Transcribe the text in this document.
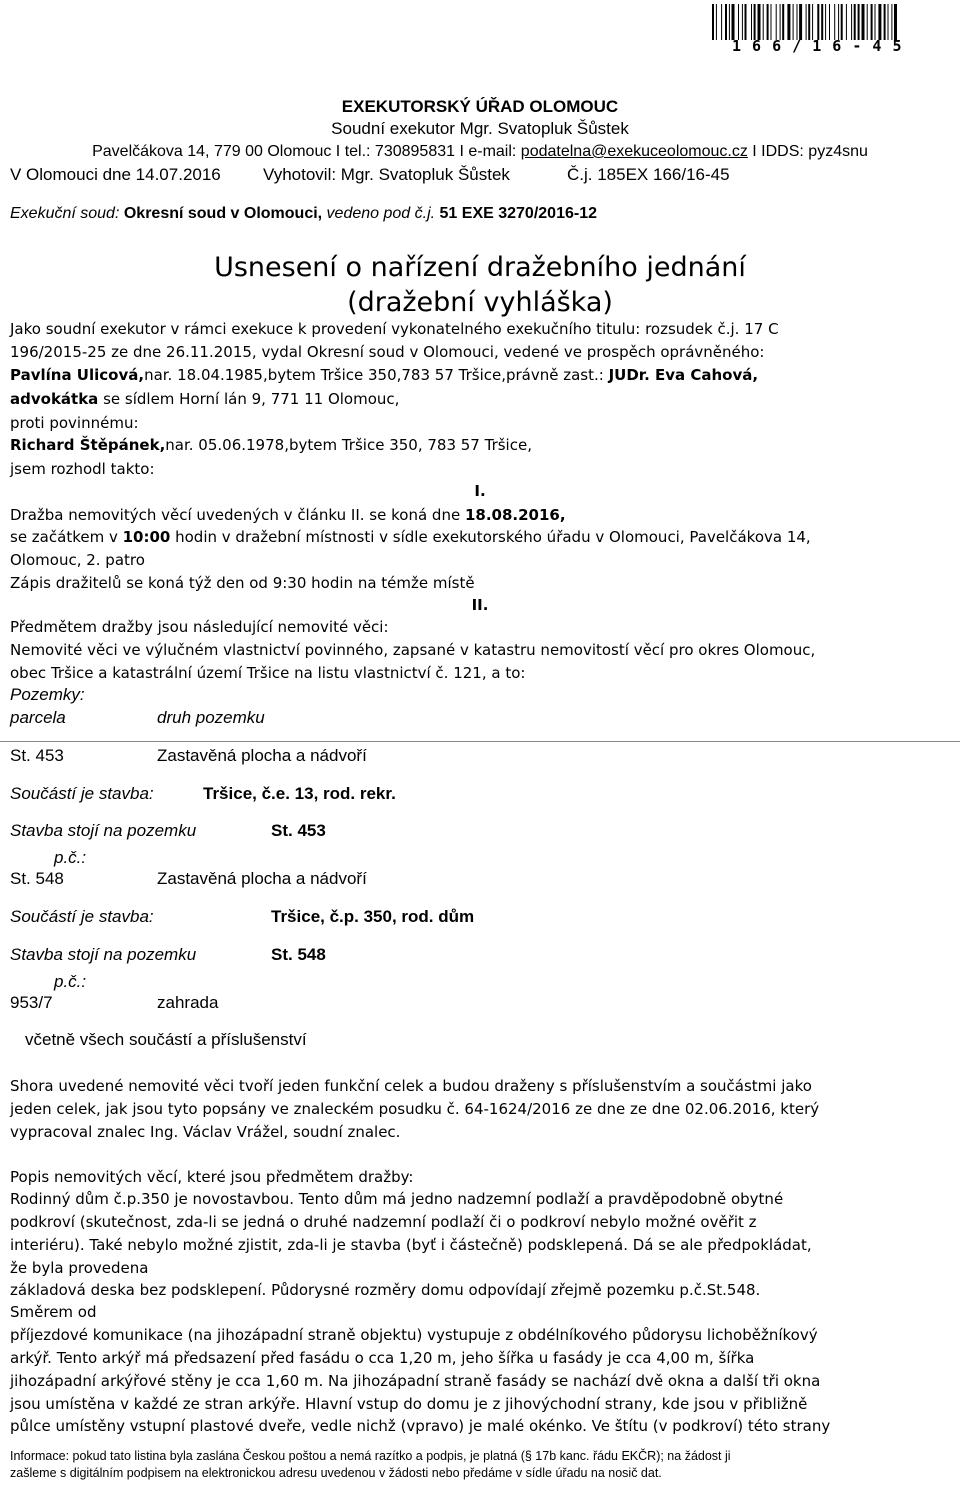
1 6 6 / 1 6 - 4 5
EXEKUTORSKÝ ÚŘAD OLOMOUC
Soudní exekutor Mgr. Svatopluk Šůstek
Pavelčákova 14, 779 00 Olomouc I tel.: 730895831 I e-mail: podatelna@exekuceolomouc.cz I IDDS: pyz4snu
V Olomouci dne 14.07.2016 Vyhotovil: Mgr. Svatopluk Šůstek	Č.j. 185EX 166/16-45
Exekuční soud: Okresní soud v Olomouci, vedeno pod č.j. 51 EXE 3270/2016-12
Usnesení o nařízení dražebního jednání
(dražební vyhláška)
Jako soudní exekutor v rámci exekuce k provedení vykonatelného exekučního titulu: rozsudek č.j. 17 C
196/2015-25 ze dne 26.11.2015, vydal Okresní soud v Olomouci, vedené ve prospěch oprávněného:
Pavlína Ulicová,nar. 18.04.1985,bytem Tršice 350,783 57 Tršice,právně zast.: JUDr. Eva Cahová,
advokátka se sídlem Horní lán 9, 771 11 Olomouc,
proti povinnému:
Richard Štěpánek,nar. 05.06.1978,bytem Tršice 350, 783 57 Tršice,
jsem rozhodl takto:
I.
Dražba nemovitých věcí uvedených v článku II. se koná dne 18.08.2016,
se začátkem v 10:00 hodin v dražební místnosti v sídle exekutorského úřadu v Olomouci, Pavelčákova 14,
Olomouc, 2. patro
Zápis dražitelů se koná týž den od 9:30 hodin na témže místě
II.
Předmětem dražby jsou následující nemovité věci:
Nemovité věci ve výlučném vlastnictví povinného, zapsané v katastru nemovitostí věcí pro okres Olomouc,
obec Tršice a katastrální území Tršice na listu vlastnictví č. 121, a to:
Pozemky:
parcela	druh pozemku
St. 453	Zastavěná plocha a nádvoří
Součástí je stavba:	Tršice, č.e. 13, rod. rekr.
Stavba stojí na pozemku	St. 453
p.č.:
St. 548	Zastavěná plocha a nádvoří
Součástí je stavba:	Tršice, č.p. 350, rod. dům
Stavba stojí na pozemku	St. 548
p.č.:
953/7	zahrada
včetně všech součástí a příslušenství
Shora uvedené nemovité věci tvoří jeden funkční celek a budou draženy s příslušenstvím a součástmi jako
jeden celek, jak jsou tyto popsány ve znaleckém posudku č. 64-1624/2016 ze dne ze dne 02.06.2016, který
vypracoval znalec Ing. Václav Vrážel, soudní znalec.
Popis nemovitých věcí, které jsou předmětem dražby:
Rodinný dům č.p.350 je novostavbou. Tento dům má jedno nadzemní podlaží a pravděpodobně obytné
podkroví (skutečnost, zda-li se jedná o druhé nadzemní podlaží či o podkroví nebylo možné ověřit z
interiéru). Také nebylo možné zjistit, zda-li je stavba (byť i částečně) podsklepená. Dá se ale předpokládat,
že byla provedena
základová deska bez podsklepení. Půdorysné rozměry domu odpovídají zřejmě pozemku p.č.St.548.
Směrem od
příjezdové komunikace (na jihozápadní straně objektu) vystupuje z obdélníkového půdorysu lichoběžníkový
arkýř. Tento arkýř má předsazení před fasádu o cca 1,20 m, jeho šířka u fasády je cca 4,00 m, šířka
jihozápadní arkýřové stěny je cca 1,60 m. Na jihozápadní straně fasády se nachází dvě okna a další tři okna
jsou umístěna v každé ze stran arkýře. Hlavní vstup do domu je z jihovýchodní strany, kde jsou v přibližně
půlce umístěny vstupní plastové dveře, vedle nichž (vpravo) je malé okénko. Ve štítu (v podkroví) této strany
Informace: pokud tato listina byla zaslána Českou poštou a nemá razítko a podpis, je platná (§ 17b kanc. řádu EKČR); na žádost ji
zašleme s digitálním podpisem na elektronickou adresu uvedenou v žádosti nebo předáme v sídle úřadu na nosič dat.
